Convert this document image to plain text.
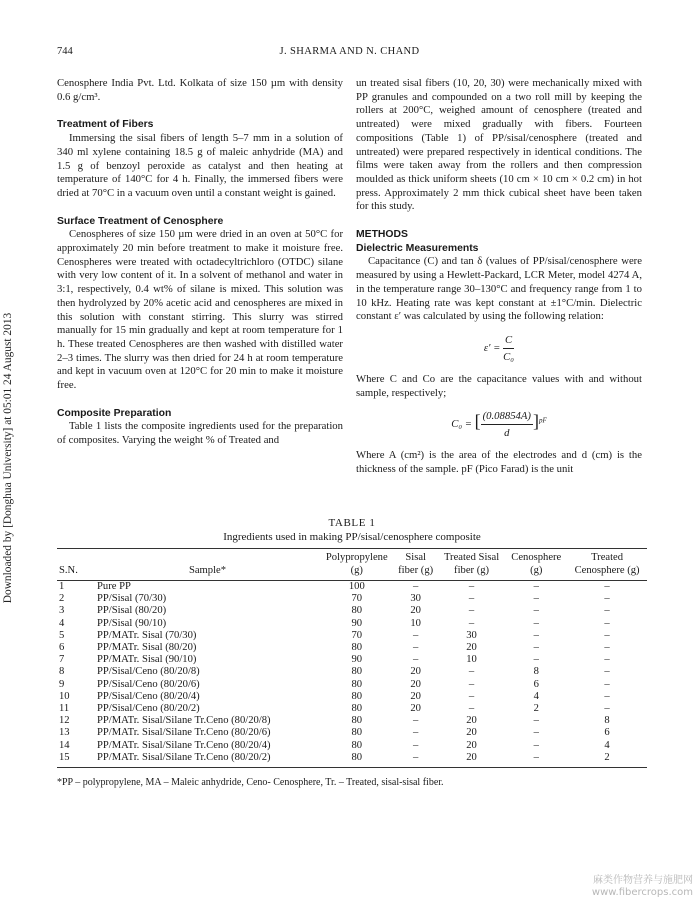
Downloaded by [Donghua University] at 05:01 24 August 2013
744	J. SHARMA AND N. CHAND

Cenosphere India Pvt. Ltd. Kolkata of size 150 µm with density 0.6 g/cm³.

Treatment of Fibers

Immersing the sisal fibers of length 5–7 mm in a solution of 340 ml xylene containing 18.5 g of maleic anhydride (MA) and 1.5 g of benzoyl peroxide as catalyst and then heating at temperature of 140°C for 4 h. Finally, the immersed fibers were dried at 70°C in a vacuum oven until a constant weight is gained.

Surface Treatment of Cenosphere

Cenospheres of size 150 µm were dried in an oven at 50°C for approximately 20 min before treatment to make it moisture free. Cenospheres were treated with octadecyltrichloro (OTDC) silane with very low content of it. In a solvent of methanol and water in 3:1, respectively, 0.4 wt% of silane is mixed. This solution was then hydrolyzed by 20% acetic acid and cenospheres are mixed in this solution with constant stirring. This slurry was stirred manually for 15 min gradually and kept at room temperature for 1 h. These treated Cenospheres are then washed with distilled water 2–3 times. The slurry was then dried for 24 h at room temperature and kept in vacuum oven at 120°C for 20 min to make it moisture free.

Composite Preparation

Table 1 lists the composite ingredients used for the preparation of composites. Varying the weight % of Treated and

un treated sisal fibers (10, 20, 30) were mechanically mixed with PP granules and compounded on a two roll mill by keeping the rollers at 200°C, weighed amount of cenosphere (treated and untreated) were mixed gradually with fibers. Fourteen compositions (Table 1) of PP/sisal/cenosphere (treated and untreated) were prepared respectively in identical conditions. The films were taken away from the rollers and then compression moulded as thick uniform sheets (10 cm × 10 cm × 0.2 cm) in hot press. Approximately 2 mm thick cubical sheet have been taken for this study.

METHODS
Dielectric Measurements

Capacitance (C) and tan δ (values of PP/sisal/cenosphere were measured by using a Hewlett-Packard, LCR Meter, model 4274 A, in the temperature range 30–130°C and frequency range from 1 to 10 kHz. Heating rate was kept constant at ±1°C/min. Dielectric constant ε′ was calculated by using the following relation:

$\varepsilon' = \frac{C}{\text{C₀}}$

Where C and Co are the capacitance values with and without sample, respectively;

C₀ = [ $\frac{(0.08854A)}{d} ]^{pF}$

Where A (cm²) is the area of the electrodes and d (cm) is the thickness of the sample. pF (Pico Farad) is the unit

TABLE 1
Ingredients used in making PP/sisal/cenosphere composite
S.N.	Sample*	Polypropylene (g)	Sisal fiber (g)	Treated Sisal fiber (g)	Cenosphere (g)	Treated Cenosphere (g)
1	Pure PP	100	–	–	–	–
2	PP/Sisal (70/30)	70	30	–	–	–
3	PP/Sisal (80/20)	80	20	–	–	–
4	PP/Sisal (90/10)	90	10	–	–	–
5	PP/MATr. Sisal (70/30)	70	–	30	–	–
6	PP/MATr. Sisal (80/20)	80	–	20	–	–
7	PP/MATr. Sisal (90/10)	90	–	10	–	–
8	PP/Sisal/Ceno (80/20/8)	80	20	–	8	–
9	PP/Sisal/Ceno (80/20/6)	80	20	–	6	–
10	PP/Sisal/Ceno (80/20/4)	80	20	–	4	–
11	PP/Sisal/Ceno (80/20/2)	80	20	–	2	–
12	PP/MATr. Sisal/Silane Tr.Ceno (80/20/8)	80	–	20	–	8
13	PP/MATr. Sisal/Silane Tr.Ceno (80/20/6)	80	–	20	–	6
14	PP/MATr. Sisal/Silane Tr.Ceno (80/20/4)	80	–	20	–	4
15	PP/MATr. Sisal/Silane Tr.Ceno (80/20/2)	80	–	20	–	2
*PP – polypropylene, MA – Maleic anhydride, Ceno- Cenosphere, Tr. – Treated, sisal-sisal fiber.
麻类作物营养与施肥网
www.fibercrops.com
